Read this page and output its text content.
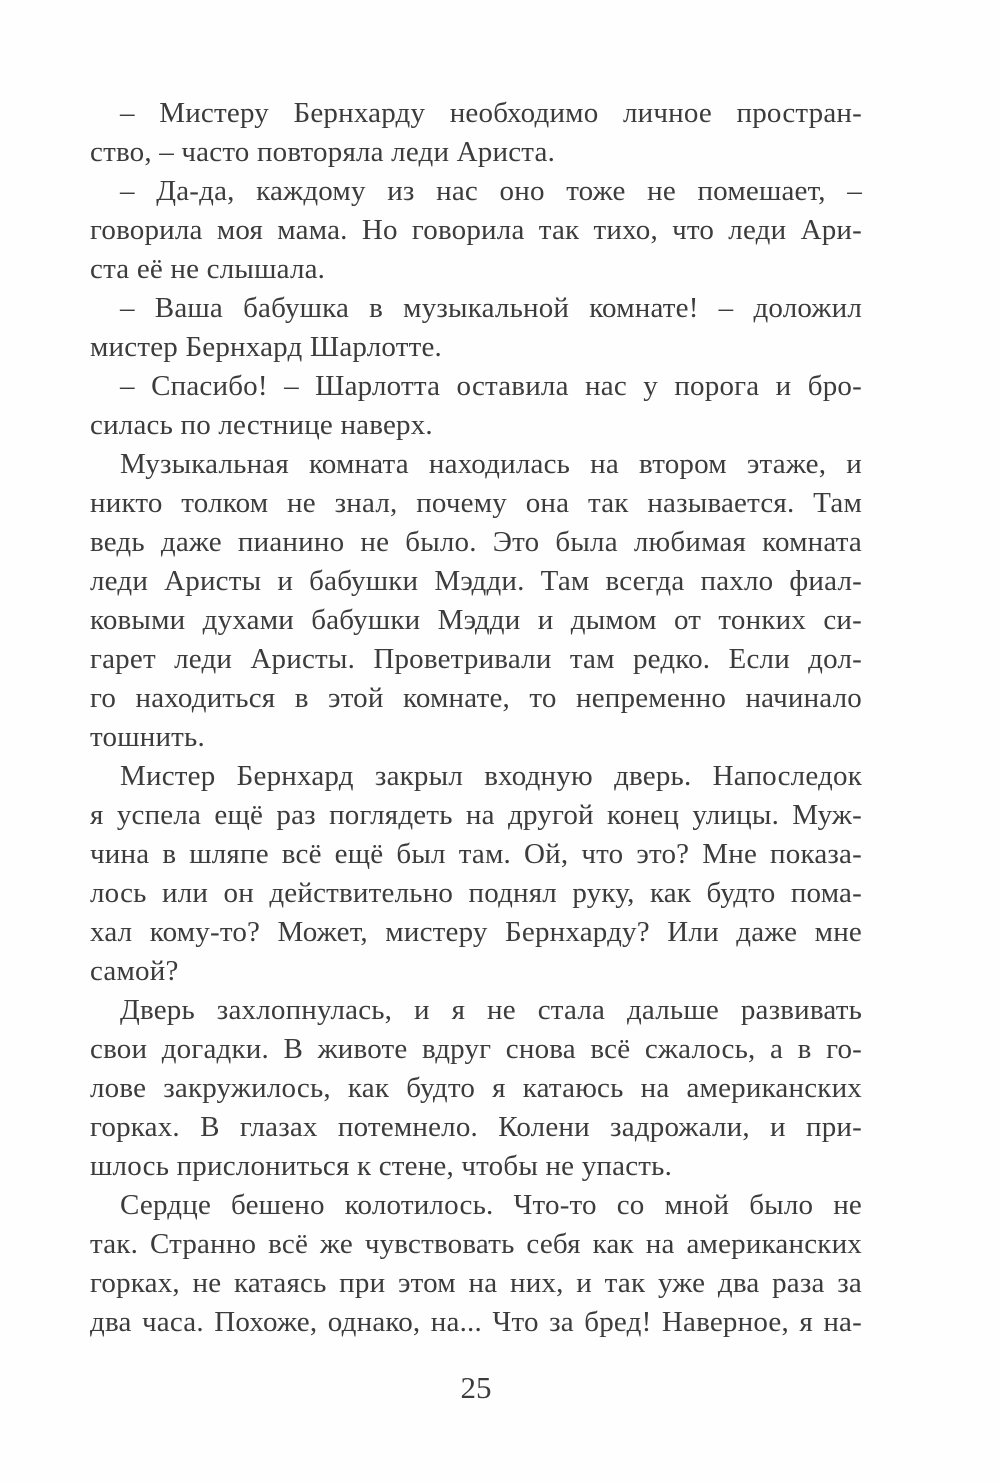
– Мистеру Бернхарду необходимо личное простран-
ство, – часто повторяла леди Ариста.
– Да-да, каждому из нас оно тоже не помешает, –
говорила моя мама. Но говорила так тихо, что леди Ари-
ста её не слышала.
– Ваша бабушка в музыкальной комнате! – доложил
мистер Бернхард Шарлотте.
– Спасибо! – Шарлотта оставила нас у порога и бро-
силась по лестнице наверх.
Музыкальная комната находилась на втором этаже, и
никто толком не знал, почему она так называется. Там
ведь даже пианино не было. Это была любимая комната
леди Аристы и бабушки Мэдди. Там всегда пахло фиал-
ковыми духами бабушки Мэдди и дымом от тонких си-
гарет леди Аристы. Проветривали там редко. Если дол-
го находиться в этой комнате, то непременно начинало
тошнить.
Мистер Бернхард закрыл входную дверь. Напоследок
я успела ещё раз поглядеть на другой конец улицы. Муж-
чина в шляпе всё ещё был там. Ой, что это? Мне показа-
лось или он действительно поднял руку, как будто пома-
хал кому-то? Может, мистеру Бернхарду? Или даже мне
самой?
Дверь захлопнулась, и я не стала дальше развивать
свои догадки. В животе вдруг снова всё сжалось, а в го-
лове закружилось, как будто я катаюсь на американских
горках. В глазах потемнело. Колени задрожали, и при-
шлось прислониться к стене, чтобы не упасть.
Сердце бешено колотилось. Что-то со мной было не
так. Странно всё же чувствовать себя как на американских
горках, не катаясь при этом на них, и так уже два раза за
два часа. Похоже, однако, на... Что за бред! Наверное, я на-
25
